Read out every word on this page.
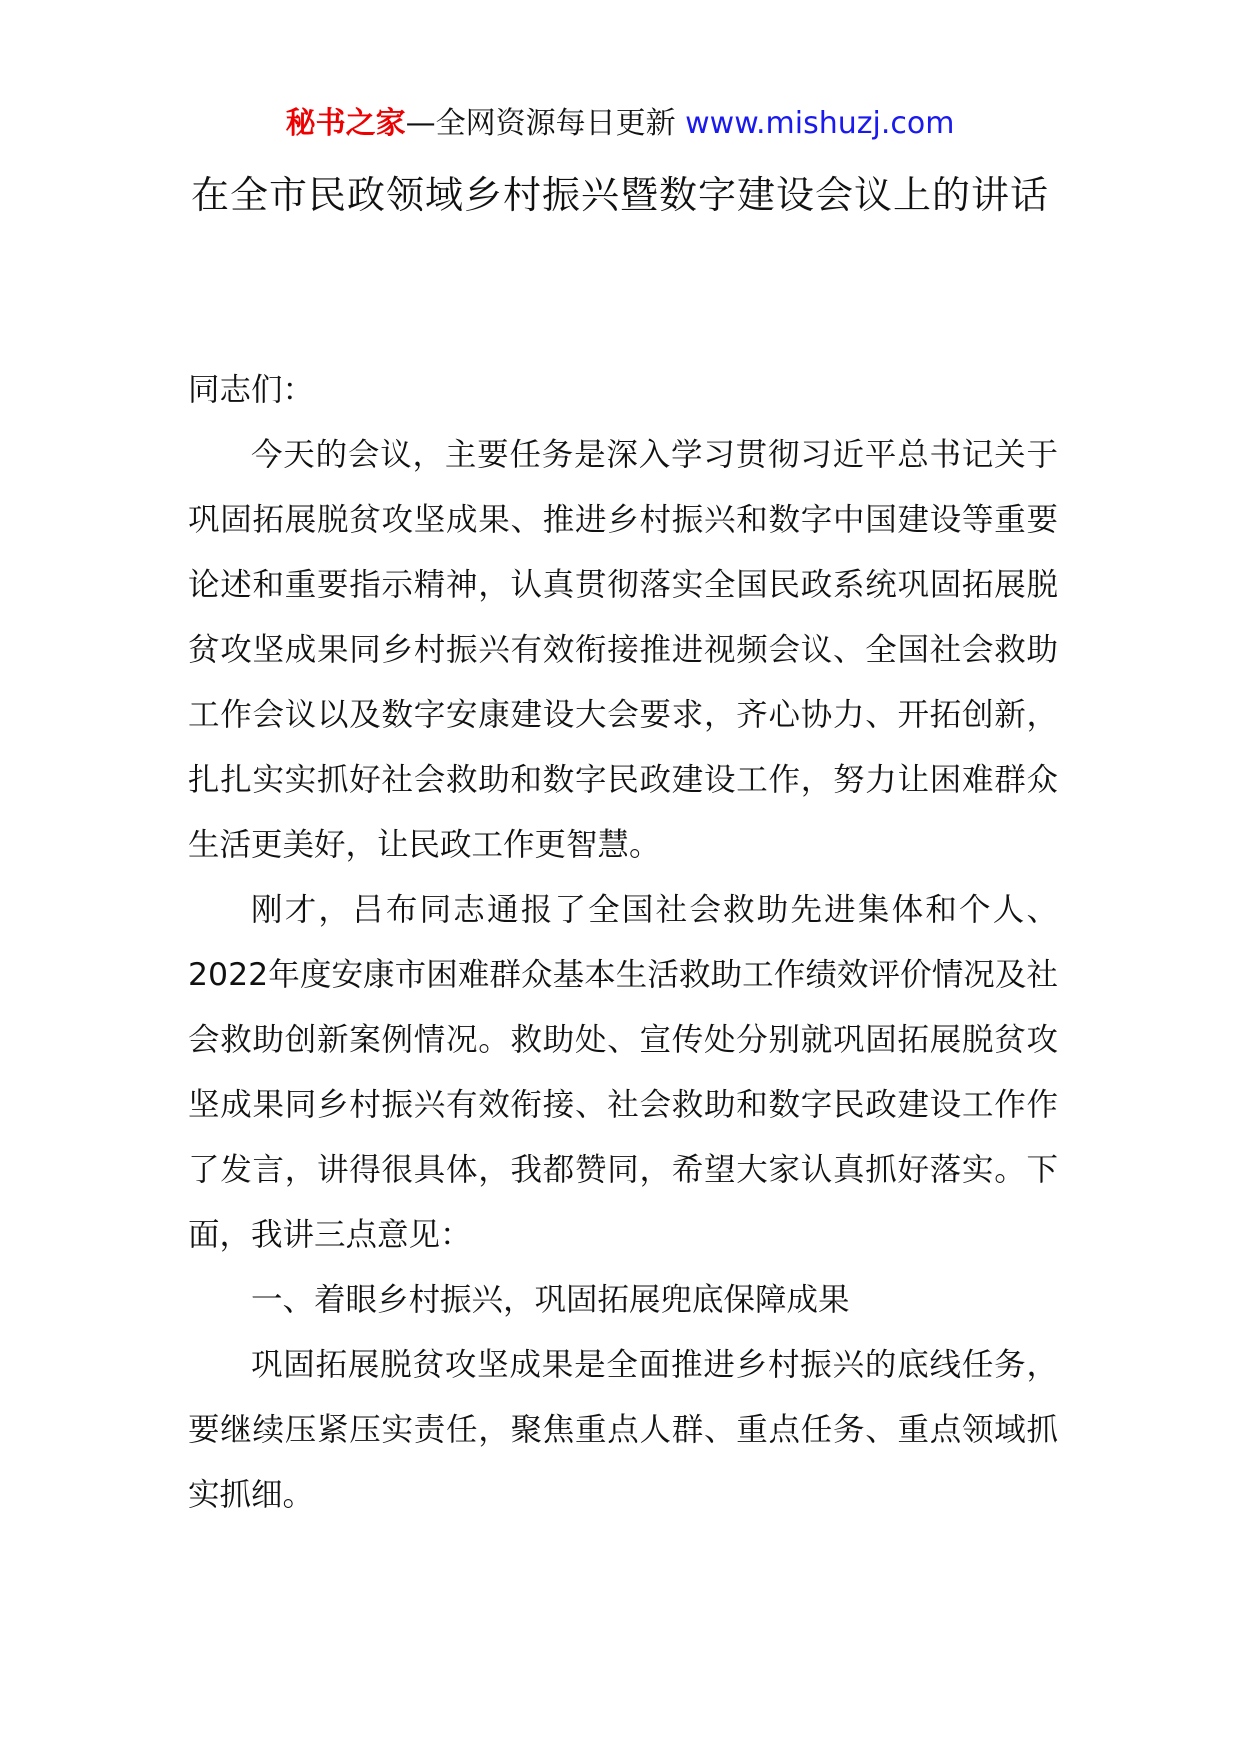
秘书之家—全网资源每日更新 www.mishuzj.com
在全市民政领域乡村振兴暨数字建设会议上的讲话

同志们：

今天的会议，主要任务是深入学习贯彻习近平总书记关于巩固拓展脱贫攻坚成果、推进乡村振兴和数字中国建设等重要论述和重要指示精神，认真贯彻落实全国民政系统巩固拓展脱贫攻坚成果同乡村振兴有效衔接推进视频会议、全国社会救助工作会议以及数字安康建设大会要求，齐心协力、开拓创新，扎扎实实抓好社会救助和数字民政建设工作，努力让困难群众生活更美好，让民政工作更智慧。

刚才，吕布同志通报了全国社会救助先进集体和个人、2022年度安康市困难群众基本生活救助工作绩效评价情况及社会救助创新案例情况。救助处、宣传处分别就巩固拓展脱贫攻坚成果同乡村振兴有效衔接、社会救助和数字民政建设工作作了发言，讲得很具体，我都赞同，希望大家认真抓好落实。下面，我讲三点意见：

一、着眼乡村振兴，巩固拓展兜底保障成果

巩固拓展脱贫攻坚成果是全面推进乡村振兴的底线任务，要继续压紧压实责任，聚焦重点人群、重点任务、重点领域抓实抓细。
